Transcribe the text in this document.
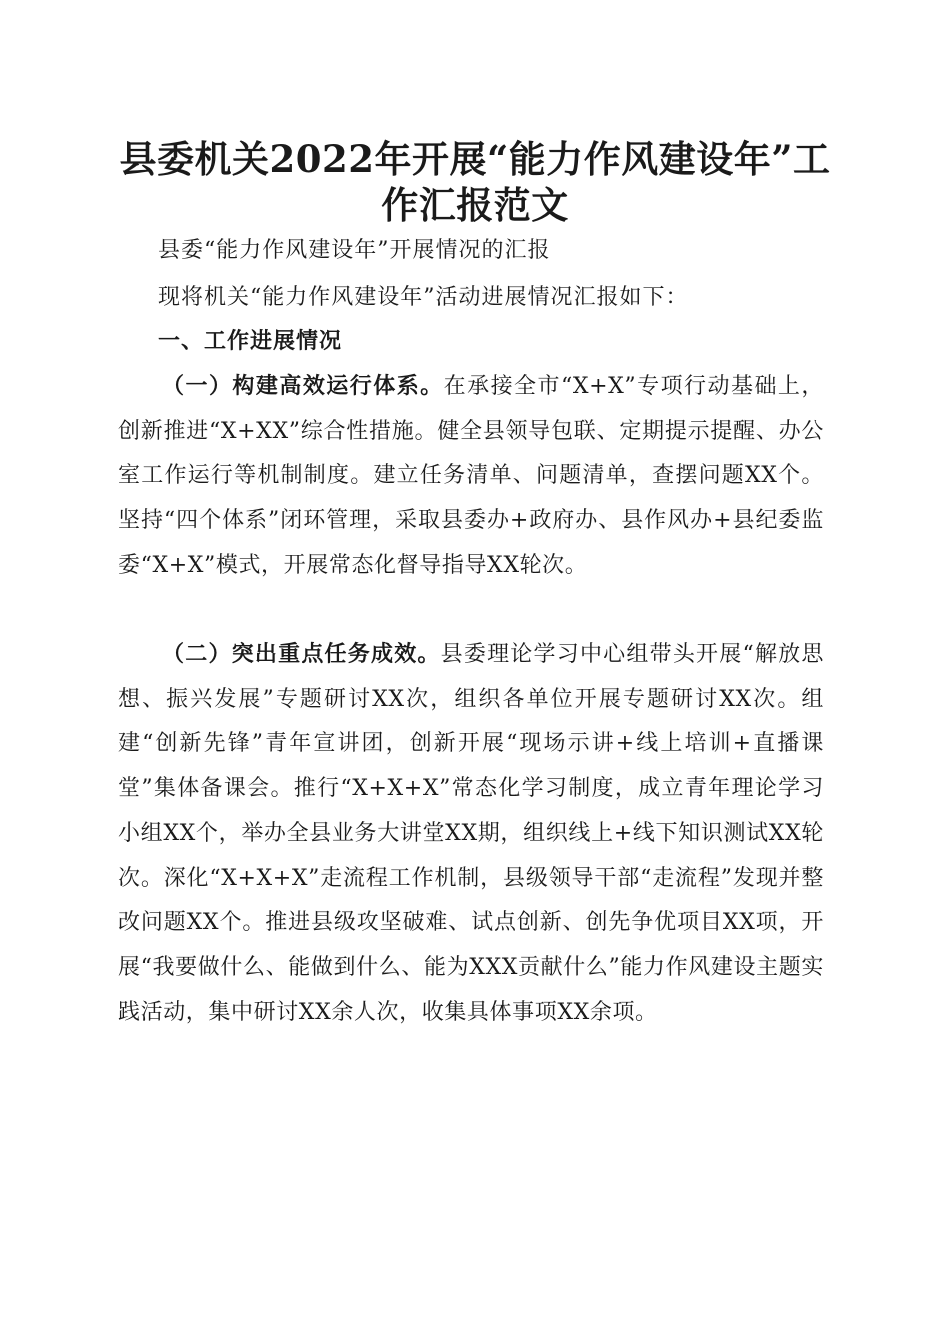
县委机关2022年开展“能力作风建设年”工作汇报范文

县委“能力作风建设年”开展情况的汇报

现将机关“能力作风建设年”活动进展情况汇报如下：

一、工作进展情况

（一）构建高效运行体系。在承接全市“X+X”专项行动基础上，创新推进“X+XX”综合性措施。健全县领导包联、定期提示提醒、办公室工作运行等机制制度。建立任务清单、问题清单，查摆问题XX个。坚持“四个体系”闭环管理，采取县委办+政府办、县作风办+县纪委监委“X+X”模式，开展常态化督导指导XX轮次。

（二）突出重点任务成效。县委理论学习中心组带头开展“解放思想、振兴发展”专题研讨XX次，组织各单位开展专题研讨XX次。组建“创新先锋”青年宣讲团，创新开展“现场示讲+线上培训+直播课堂”集体备课会。推行“X+X+X”常态化学习制度，成立青年理论学习小组XX个，举办全县业务大讲堂XX期，组织线上+线下知识测试XX轮次。深化“X+X+X”走流程工作机制，县级领导干部“走流程”发现并整改问题XX个。推进县级攻坚破难、试点创新、创先争优项目XX项，开展“我要做什么、能做到什么、能为XXX贡献什么”能力作风建设主题实践活动，集中研讨XX余人次，收集具体事项XX余项。
